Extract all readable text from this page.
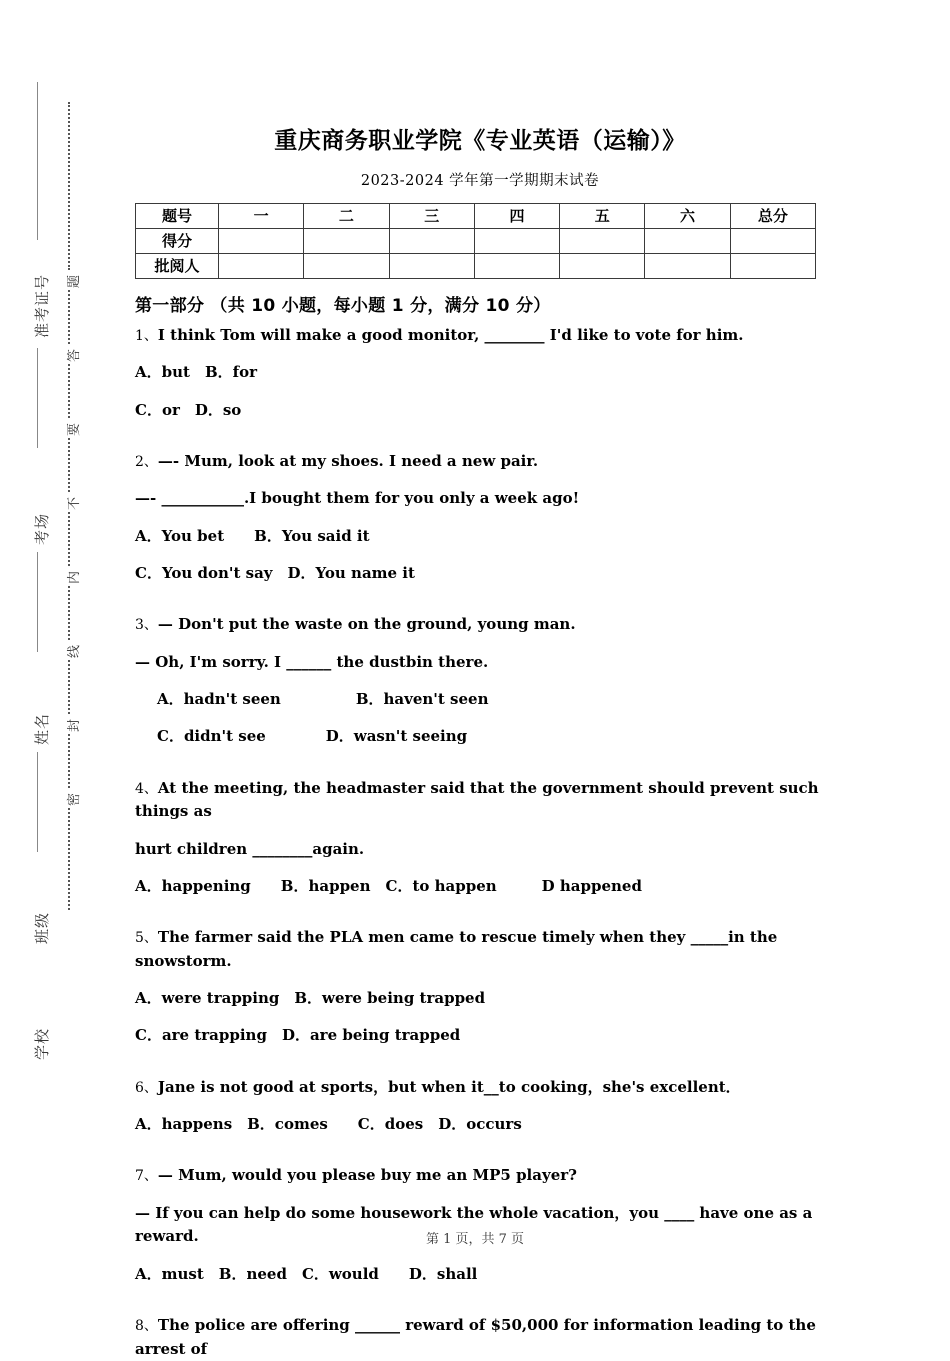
准考证号
考场
姓名
班级
学校
题
答
要
不
内
线
封
密
重庆商务职业学院《专业英语（运输）》
2023-2024 学年第一学期期末试卷
题号	一	二	三	四	五	六	总分
得分							
批阅人							
第一部分 （共 10 小题，每小题 1 分，满分 10 分）
1、I think Tom will make a good monitor, ________ I'd like to vote for him.
A．but　B．for
C．or　D．so
2、—- Mum, look at my shoes. I need a new pair.
—- ___________.I bought them for you only a week ago!
A．You bet　　B．You said it
C．You don't say　D．You name it
3、— Don't put the waste on the ground, young man.
— Oh, I'm sorry. I ______ the dustbin there.
A．hadn't seen　　　　　B．haven't seen
C．didn't see　　　　D．wasn't seeing
4、At the meeting, the headmaster said that the government should prevent such things as
hurt children ________again.
A．happening　　B．happen　C．to happen　　　D happened
5、The farmer said the PLA men came to rescue timely when they _____in the snowstorm.
A．were trapping　B．were being trapped
C．are trapping　D．are being trapped
6、Jane is not good at sports，but when it__to cooking，she's excellent．
A．happens　B．comes　　C．does　D．occurs
7、— Mum, would you please buy me an MP5 player?
— If you can help do some housework the whole vacation，you ____ have one as a reward.
A．must　B．need　C．would　　D．shall
8、The police are offering ______ reward of $50,000 for information leading to the arrest of
第 1 页，共 7 页
